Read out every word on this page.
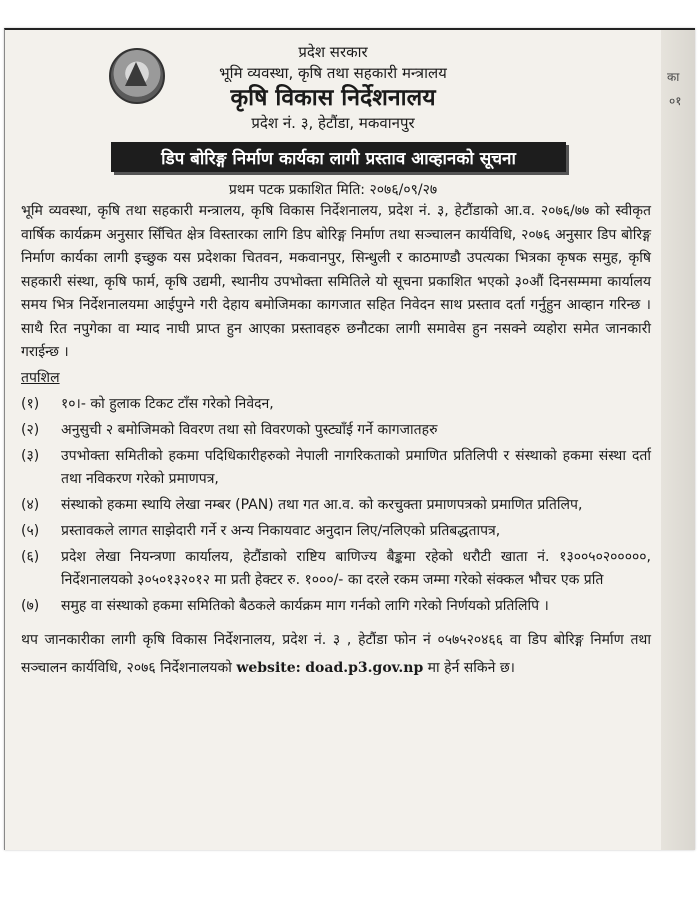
का
०१
प्रदेश सरकार
भूमि व्यवस्था, कृषि तथा सहकारी मन्त्रालय
कृषि विकास निर्देशनालय
प्रदेश नं. ३, हेटौंडा, मकवानपुर
डिप बोरिङ्ग निर्माण कार्यका लागी प्रस्ताव आव्हानको सूचना
प्रथम पटक प्रकाशित मिति: २०७६/०९/२७

भूमि व्यवस्था, कृषि तथा सहकारी मन्त्रालय, कृषि विकास निर्देशनालय, प्रदेश नं. ३, हेटौंडाको आ.व. २०७६/७७ को स्वीकृत वार्षिक कार्यक्रम अनुसार सिँचित क्षेत्र विस्तारका लागि डिप बोरिङ्ग निर्माण तथा सञ्चालन कार्यविधि, २०७६ अनुसार डिप बोरिङ्ग निर्माण कार्यका लागी इच्छुक यस प्रदेशका चितवन, मकवानपुर, सिन्धुली र काठमाण्डौ उपत्यका भित्रका कृषक समुह, कृषि सहकारी संस्था, कृषि फार्म, कृषि उद्यमी, स्थानीय उपभोक्ता समितिले यो सूचना प्रकाशित भएको ३०औं दिनसम्ममा कार्यालय समय भित्र निर्देशनालयमा आईपुग्ने गरी देहाय बमोजिमका कागजात सहित निवेदन साथ प्रस्ताव दर्ता गर्नुहुन आव्हान गरिन्छ । साथै रित नपुगेका वा म्याद नाघी प्राप्त हुन आएका प्रस्तावहरु छनौटका लागी समावेस हुन नसक्ने व्यहोरा समेत जानकारी गराईन्छ ।

तपशिल
(१)	१०।- को हुलाक टिकट टाँस गरेको निवेदन,
(२)	अनुसुची २ बमोजिमको विवरण तथा सो विवरणको पुस्ट्याँई गर्ने कागजातहरु
(३)	उपभोक्ता समितीको हकमा पदिधिकारीहरुको नेपाली नागरिकताको प्रमाणित प्रतिलिपी र संस्थाको हकमा संस्था दर्ता तथा नविकरण गरेको प्रमाणपत्र,
(४)	संस्थाको हकमा स्थायि लेखा नम्बर (PAN) तथा गत आ.व. को करचुक्ता प्रमाणपत्रको प्रमाणित प्रतिलिप,
(५)	प्रस्तावकले लागत साझेदारी गर्ने र अन्य निकायवाट अनुदान लिए/नलिएको प्रतिबद्धतापत्र,
(६)	प्रदेश लेखा नियन्त्रणा कार्यालय, हेटौंडाको राष्टिय बाणिज्य बैङ्कमा रहेको धरौटी खाता नं. १३००५०२०००००, निर्देशनालयको ३०५०१३२०१२ मा प्रती हेक्टर रु. १०००/- का दरले रकम जम्मा गरेको संक्कल भौचर एक प्रति
(७)	समुह वा संस्थाको हकमा समितिको बैठकले कार्यक्रम माग गर्नको लागि गरेको निर्णयको प्रतिलिपि ।

थप जानकारीका लागी कृषि विकास निर्देशनालय, प्रदेश नं. ३ , हेटौंडा फोन नं ०५७५२०४६६ वा डिप बोरिङ्ग निर्माण तथा सञ्चालन कार्यविधि, २०७६ निर्देशनालयको website: doad.p3.gov.np मा हेर्न सकिने छ।
